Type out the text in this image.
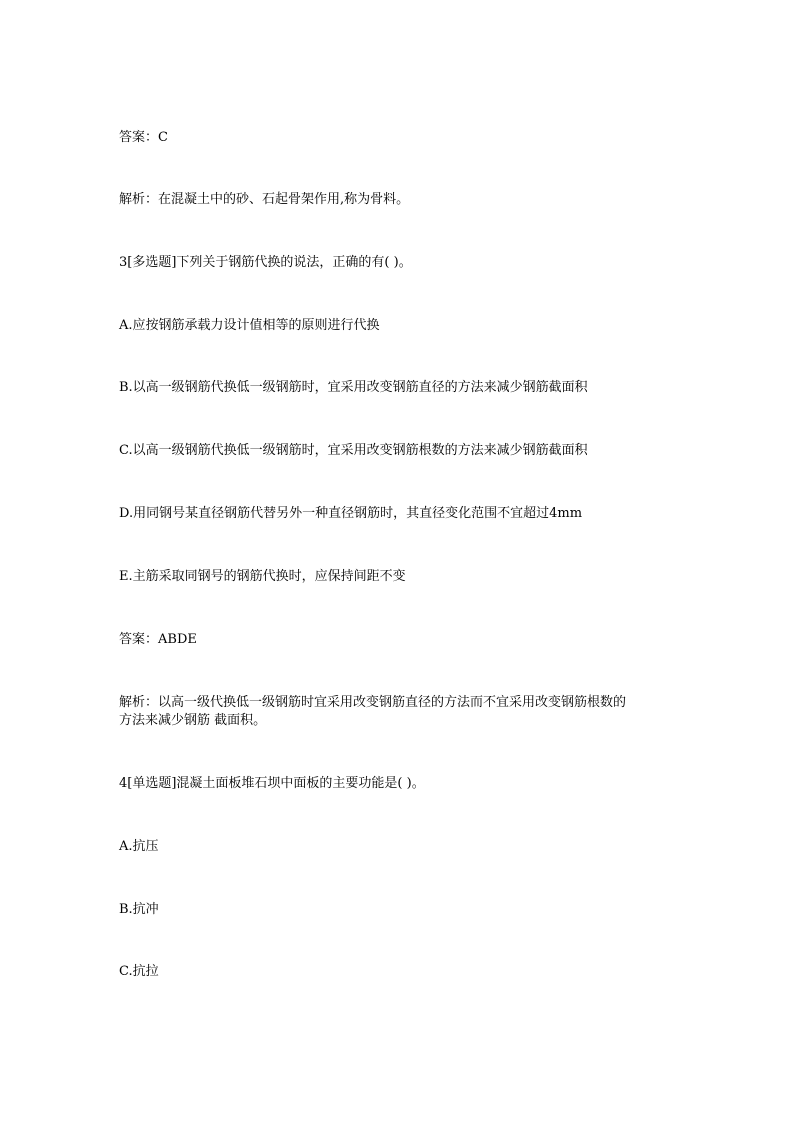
答案：C

解析：在混凝土中的砂、石起骨架作用,称为骨料。

3[多选题]下列关于钢筋代换的说法，正确的有( )。

A.应按钢筋承载力设计值相等的原则进行代换

B.以高一级钢筋代换低一级钢筋时，宜采用改变钢筋直径的方法来减少钢筋截面积

C.以高一级钢筋代换低一级钢筋时，宜采用改变钢筋根数的方法来减少钢筋截面积

D.用同钢号某直径钢筋代替另外一种直径钢筋时，其直径变化范围不宜超过4mm

E.主筋采取同钢号的钢筋代换时，应保持间距不变

答案：ABDE

解析：以高一级代换低一级钢筋时宜采用改变钢筋直径的方法而不宜采用改变钢筋根数的

方法来减少钢筋 截面积。

4[单选题]混凝土面板堆石坝中面板的主要功能是( )。

A.抗压

B.抗冲

C.抗拉
